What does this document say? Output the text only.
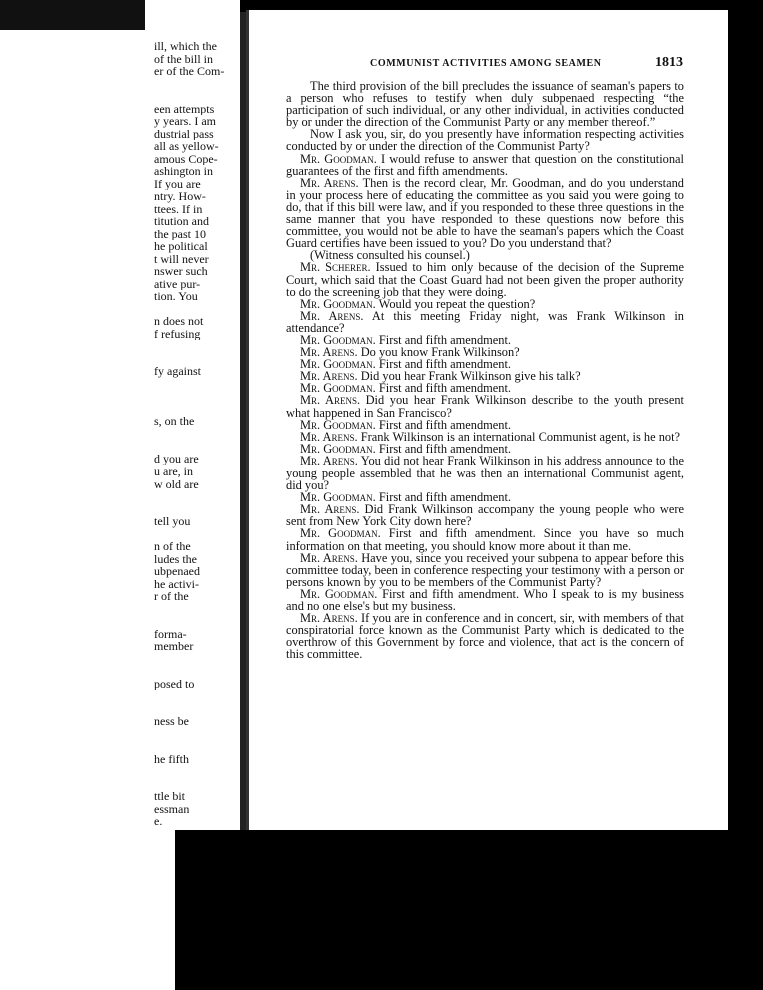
ill, which the
of the bill in
er of the Com-
een attempts
y years. I am
dustrial pass
all as yellow-
amous Cope-
ashington in
If you are
ntry. How-
ttees. If in
titution and
the past 10
he political
t will never
nswer such
ative pur-
tion. You
n does not
f refusing
fy against
s, on the
d you are
u are, in
w old are
tell you
n of the
ludes the
ubpenaed
he activi-
r of the
forma-
member
posed to
ness be
he fifth
ttle bit
essman
e.
COMMUNIST ACTIVITIES AMONG SEAMEN	1813

The third provision of the bill precludes the issuance of seaman's papers to a person who refuses to testify when duly subpenaed respecting “the participation of such individual, or any other individual, in activities conducted by or under the direction of the Communist Party or any member thereof.”

Now I ask you, sir, do you presently have information respecting activities conducted by or under the direction of the Communist Party?

Mr. Goodman. I would refuse to answer that question on the constitutional guarantees of the first and fifth amendments.

Mr. Arens. Then is the record clear, Mr. Goodman, and do you understand in your process here of educating the committee as you said you were going to do, that if this bill were law, and if you responded to these three questions in the same manner that you have responded to these questions now before this committee, you would not be able to have the seaman's papers which the Coast Guard certifies have been issued to you? Do you understand that?

(Witness consulted his counsel.)

Mr. Scherer. Issued to him only because of the decision of the Supreme Court, which said that the Coast Guard had not been given the proper authority to do the screening job that they were doing.

Mr. Goodman. Would you repeat the question?

Mr. Arens. At this meeting Friday night, was Frank Wilkinson in attendance?

Mr. Goodman. First and fifth amendment.

Mr. Arens. Do you know Frank Wilkinson?

Mr. Goodman. First and fifth amendment.

Mr. Arens. Did you hear Frank Wilkinson give his talk?

Mr. Goodman. First and fifth amendment.

Mr. Arens. Did you hear Frank Wilkinson describe to the youth present what happened in San Francisco?

Mr. Goodman. First and fifth amendment.

Mr. Arens. Frank Wilkinson is an international Communist agent, is he not?

Mr. Goodman. First and fifth amendment.

Mr. Arens. You did not hear Frank Wilkinson in his address announce to the young people assembled that he was then an international Communist agent, did you?

Mr. Goodman. First and fifth amendment.

Mr. Arens. Did Frank Wilkinson accompany the young people who were sent from New York City down here?

Mr. Goodman. First and fifth amendment. Since you have so much information on that meeting, you should know more about it than me.

Mr. Arens. Have you, since you received your subpena to appear before this committee today, been in conference respecting your testimony with a person or persons known by you to be members of the Communist Party?

Mr. Goodman. First and fifth amendment. Who I speak to is my business and no one else's but my business.

Mr. Arens. If you are in conference and in concert, sir, with members of that conspiratorial force known as the Communist Party which is dedicated to the overthrow of this Government by force and violence, that act is the concern of this committee.
